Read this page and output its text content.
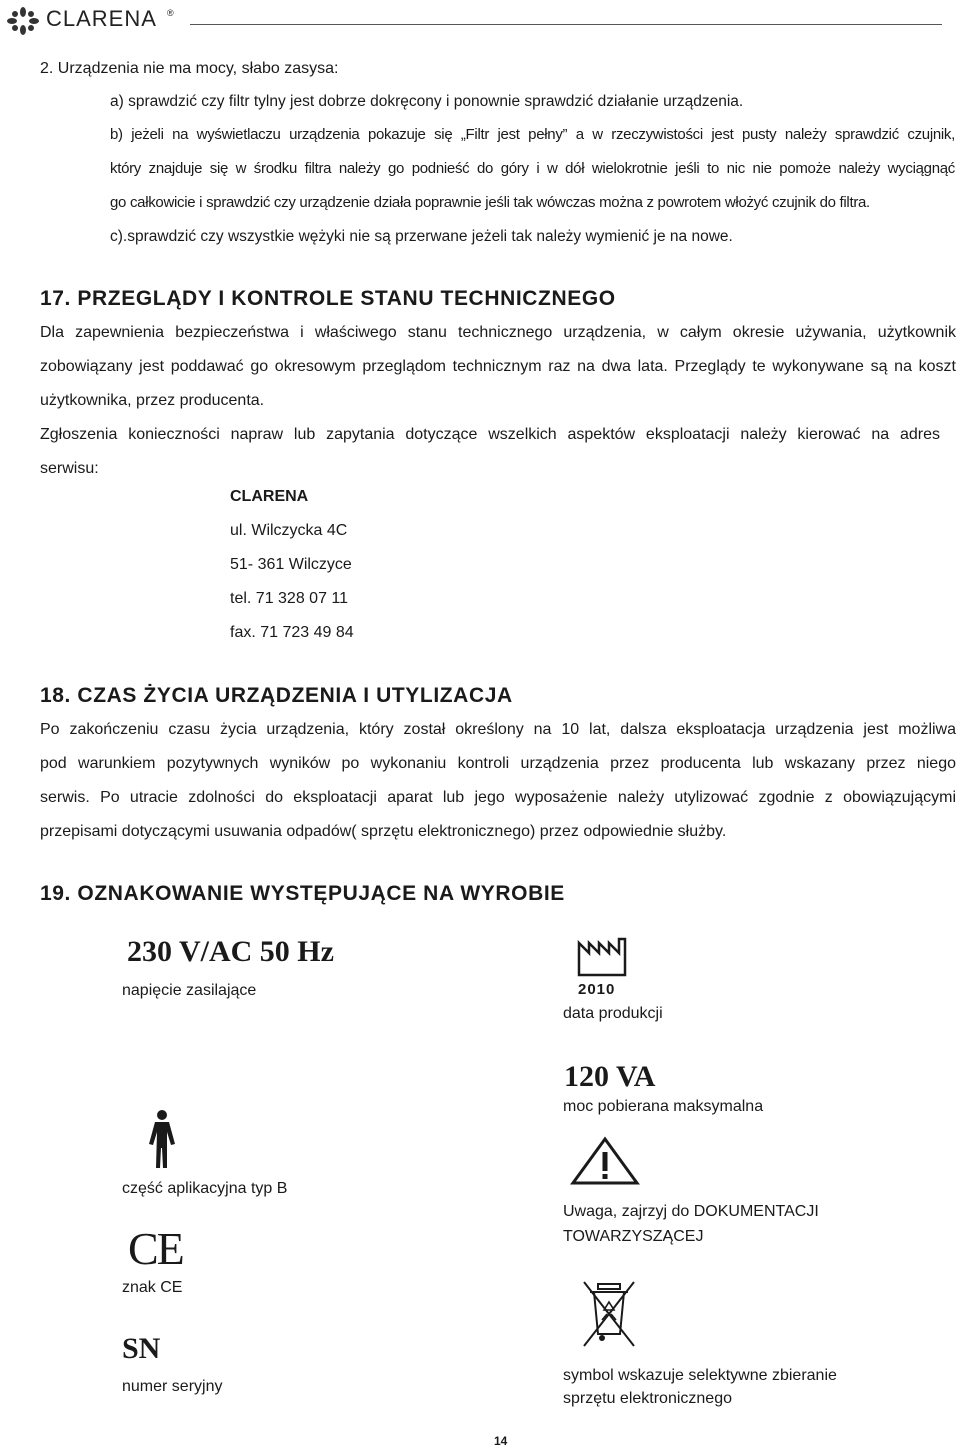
CLARENA ®
2. Urządzenia nie ma mocy, słabo zasysa:
a) sprawdzić czy filtr tylny jest dobrze dokręcony i ponownie sprawdzić działanie urządzenia.
b) jeżeli na wyświetlaczu urządzenia pokazuje się „Filtr jest pełny” a w rzeczywistości jest pusty należy sprawdzić czujnik,
który znajduje się w środku filtra należy go podnieść do góry i w dół wielokrotnie jeśli to nic nie pomoże należy wyciągnąć
go całkowicie i sprawdzić czy urządzenie działa poprawnie jeśli tak wówczas można z powrotem włożyć czujnik do filtra.
c).sprawdzić czy wszystkie wężyki nie są przerwane jeżeli tak należy wymienić je na nowe.
17. PRZEGLĄDY I KONTROLE STANU TECHNICZNEGO
Dla zapewnienia bezpieczeństwa i właściwego stanu technicznego urządzenia, w całym okresie używania, użytkownik
zobowiązany jest poddawać go okresowym przeglądom technicznym raz na dwa lata. Przeglądy te wykonywane są na koszt
użytkownika, przez producenta.
Zgłoszenia konieczności napraw lub zapytania dotyczące wszelkich aspektów eksploatacji należy kierować na adres
serwisu:
CLARENA
ul. Wilczycka 4C
51- 361 Wilczyce
tel. 71 328 07 11
fax. 71 723 49 84
18. CZAS ŻYCIA URZĄDZENIA I UTYLIZACJA
Po zakończeniu czasu życia urządzenia, który został określony na 10 lat, dalsza eksploatacja urządzenia jest możliwa
pod warunkiem pozytywnych wyników po wykonaniu kontroli urządzenia przez producenta lub wskazany przez niego
serwis. Po utracie zdolności do eksploatacji aparat lub jego wyposażenie należy utylizować zgodnie z obowiązującymi
przepisami dotyczącymi usuwania odpadów( sprzętu elektronicznego) przez odpowiednie służby.
19. OZNAKOWANIE WYSTĘPUJĄCE NA WYROBIE
230 V/AC 50 Hz
napięcie zasilające
część aplikacyjna typ B
CE
znak CE
SN
numer seryjny
2010
data produkcji
120 VA
moc pobierana maksymalna
Uwaga, zajrzyj do DOKUMENTACJI
TOWARZYSZĄCEJ
symbol wskazuje selektywne zbieranie
sprzętu elektronicznego
14
